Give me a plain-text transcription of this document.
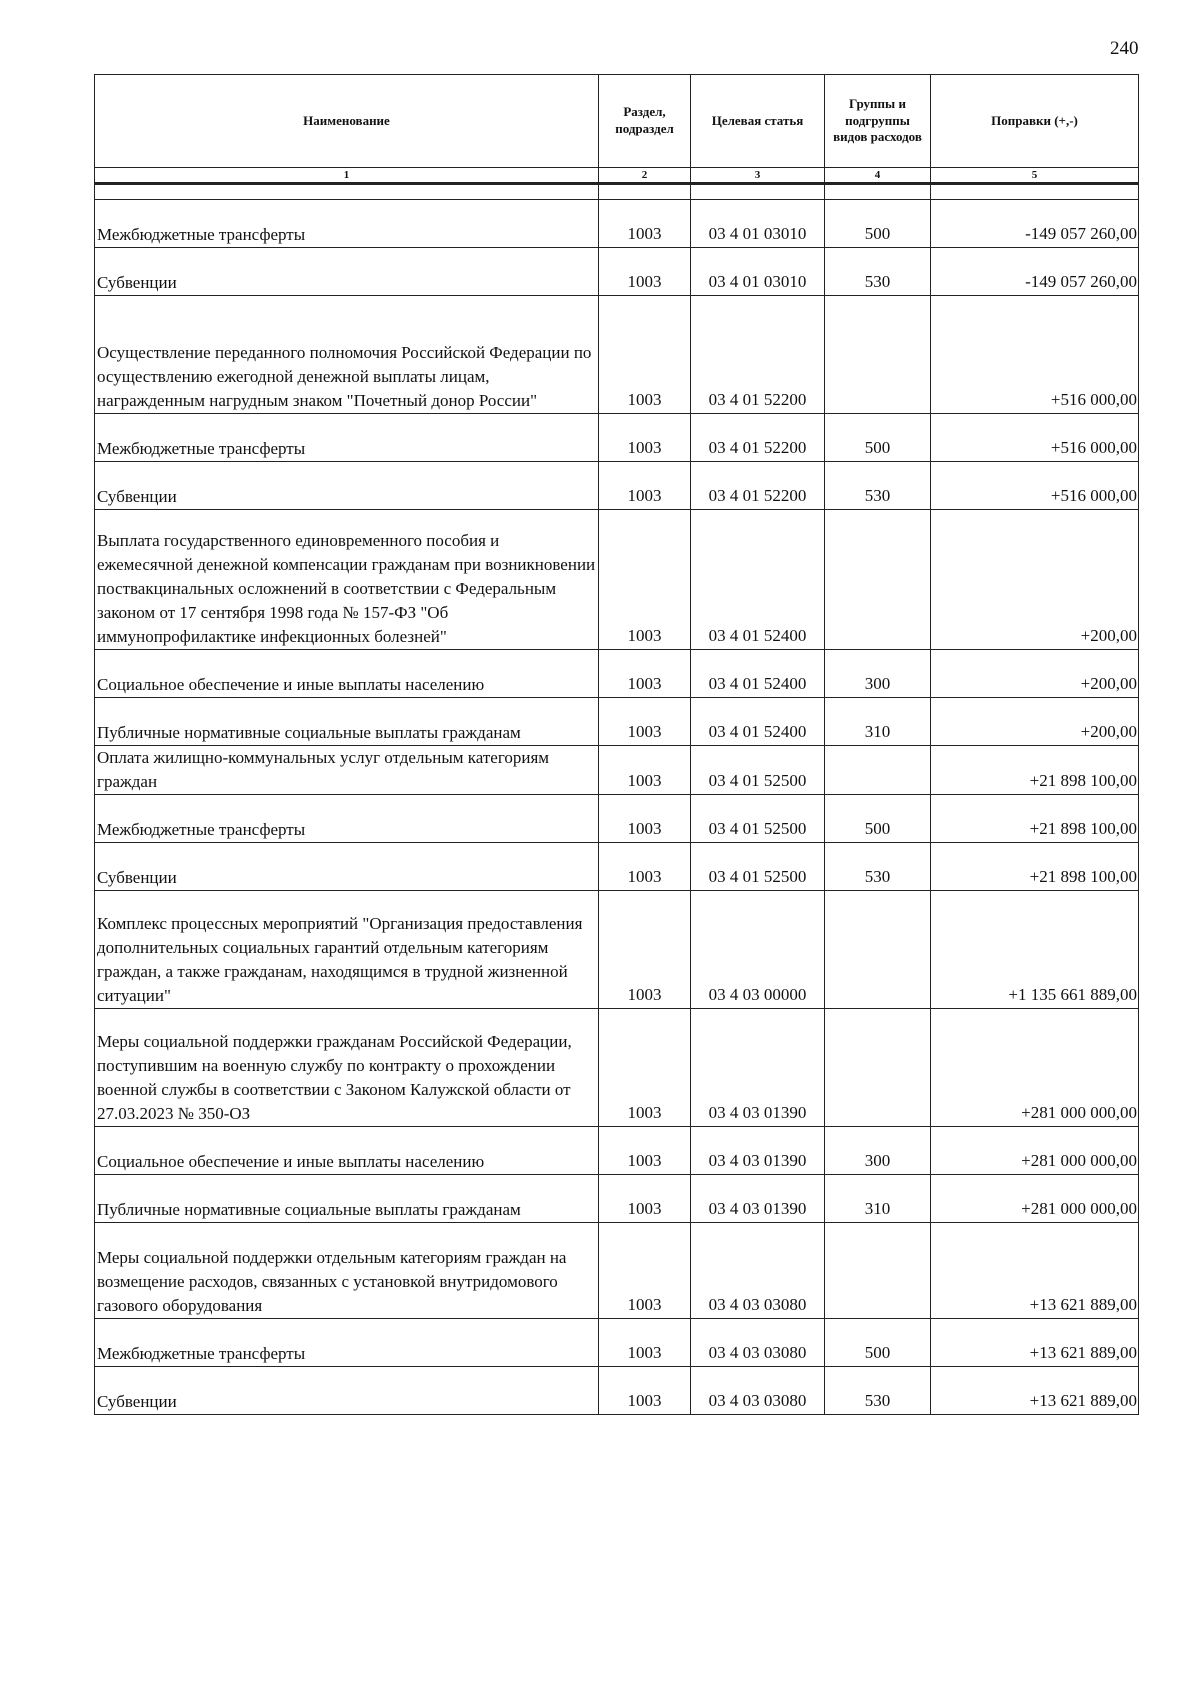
240
Наименование	Раздел, подраздел	Целевая статья	Группы и подгруппы видов расходов	Поправки (+,-)
1	2	3	4	5

Межбюджетные трансферты	1003	03 4 01 03010	500	-149 057 260,00
Субвенции	1003	03 4 01 03010	530	-149 057 260,00
Осуществление переданного полномочия Российской Федерации по осуществлению ежегодной денежной выплаты лицам, награжденным нагрудным знаком "Почетный донор России"	1003	03 4 01 52200		+516 000,00
Межбюджетные трансферты	1003	03 4 01 52200	500	+516 000,00
Субвенции	1003	03 4 01 52200	530	+516 000,00
Выплата государственного единовременного пособия и ежемесячной денежной компенсации гражданам при возникновении поствакцинальных осложнений в соответствии с Федеральным законом от 17 сентября 1998 года № 157-ФЗ "Об иммунопрофилактике инфекционных болезней"	1003	03 4 01 52400		+200,00
Социальное обеспечение и иные выплаты населению	1003	03 4 01 52400	300	+200,00
Публичные нормативные социальные выплаты гражданам	1003	03 4 01 52400	310	+200,00
Оплата жилищно-коммунальных услуг отдельным категориям граждан	1003	03 4 01 52500		+21 898 100,00
Межбюджетные трансферты	1003	03 4 01 52500	500	+21 898 100,00
Субвенции	1003	03 4 01 52500	530	+21 898 100,00
Комплекс процессных мероприятий "Организация предоставления дополнительных социальных гарантий отдельным категориям граждан, а также гражданам, находящимся в трудной жизненной ситуации"	1003	03 4 03 00000		+1 135 661 889,00
Меры социальной поддержки гражданам Российской Федерации, поступившим на военную службу по контракту о прохождении военной службы в соответствии с Законом Калужской области от 27.03.2023 № 350-ОЗ	1003	03 4 03 01390		+281 000 000,00
Социальное обеспечение и иные выплаты населению	1003	03 4 03 01390	300	+281 000 000,00
Публичные нормативные социальные выплаты гражданам	1003	03 4 03 01390	310	+281 000 000,00
Меры социальной поддержки отдельным категориям граждан на возмещение расходов, связанных с установкой внутридомового газового оборудования	1003	03 4 03 03080		+13 621 889,00
Межбюджетные трансферты	1003	03 4 03 03080	500	+13 621 889,00
Субвенции	1003	03 4 03 03080	530	+13 621 889,00
